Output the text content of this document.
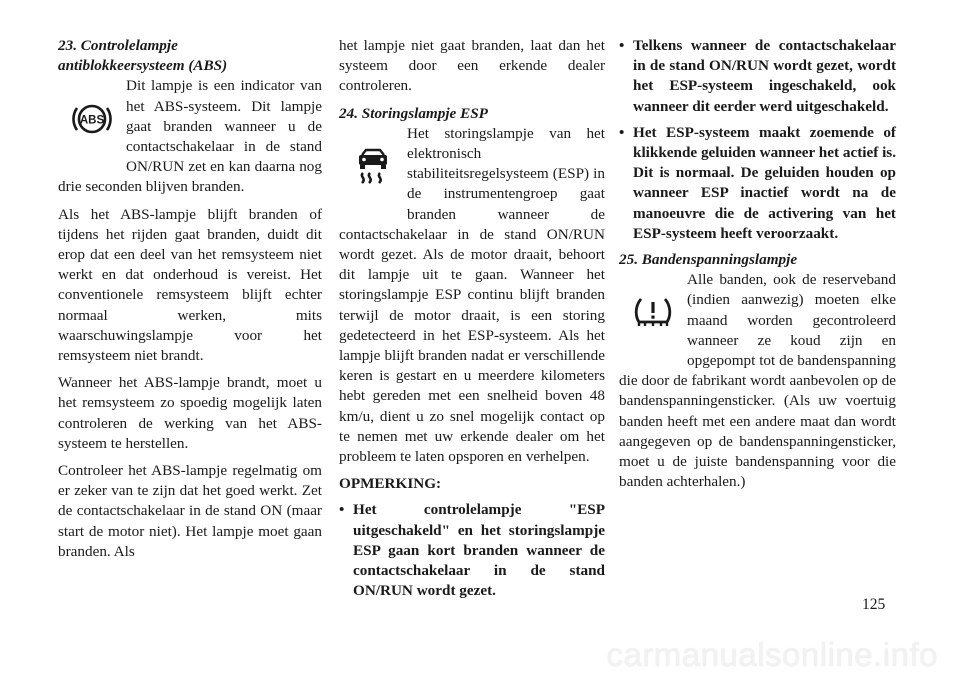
23. Controlelampje
antiblokkeersysteem (ABS)

ABS

Dit lampje is een indicator van het ABS-systeem. Dit lampje gaat branden wanneer u de contactschakelaar in de stand ON/RUN zet en kan daarna nog drie seconden blijven branden.

Als het ABS-lampje blijft branden of tijdens het rijden gaat branden, duidt dit erop dat een deel van het remsysteem niet werkt en dat onderhoud is vereist. Het conventionele remsysteem blijft echter normaal werken, mits waarschuwingslampje voor het remsysteem niet brandt.

Wanneer het ABS-lampje brandt, moet u het remsysteem zo spoedig mogelijk laten controleren de werking van het ABS-systeem te herstellen.

Controleer het ABS-lampje regelmatig om er zeker van te zijn dat het goed werkt. Zet de contactschakelaar in de stand ON (maar start de motor niet). Het lampje moet gaan branden. Als

het lampje niet gaat branden, laat dan het systeem door een erkende dealer controleren.

24. Storingslampje ESP

Het storingslampje van het elektronisch stabiliteitsregelsysteem (ESP) in de instrumentengroep gaat branden wanneer de contactschakelaar in de stand ON/RUN wordt gezet. Als de motor draait, behoort dit lampje uit te gaan. Wanneer het storingslampje ESP continu blijft branden terwijl de motor draait, is een storing gedetecteerd in het ESP-systeem. Als het lampje blijft branden nadat er verschillende keren is gestart en u meerdere kilometers hebt gereden met een snelheid boven 48 km/u, dient u zo snel mogelijk contact op te nemen met uw erkende dealer om het probleem te laten opsporen en verhelpen.

OPMERKING:

• Het controlelampje "ESP uitgeschakeld" en het storingslampje ESP gaan kort branden wanneer de contactschakelaar in de stand ON/RUN wordt gezet.
• Telkens wanneer de contactschakelaar in de stand ON/RUN wordt gezet, wordt het ESP-systeem ingeschakeld, ook wanneer dit eerder werd uitgeschakeld.
• Het ESP-systeem maakt zoemende of klikkende geluiden wanneer het actief is. Dit is normaal. De geluiden houden op wanneer ESP inactief wordt na de manoeuvre die de activering van het ESP-systeem heeft veroorzaakt.

25. Bandenspanningslampje

Alle banden, ook de reserveband (indien aanwezig) moeten elke maand worden gecontroleerd wanneer ze koud zijn en opgepompt tot de bandenspanning die door de fabrikant wordt aanbevolen op de bandenspanningensticker. (Als uw voertuig banden heeft met een andere maat dan wordt aangegeven op de bandenspanningensticker, moet u de juiste bandenspanning voor die banden achterhalen.)

125
carmanualsonline.info
